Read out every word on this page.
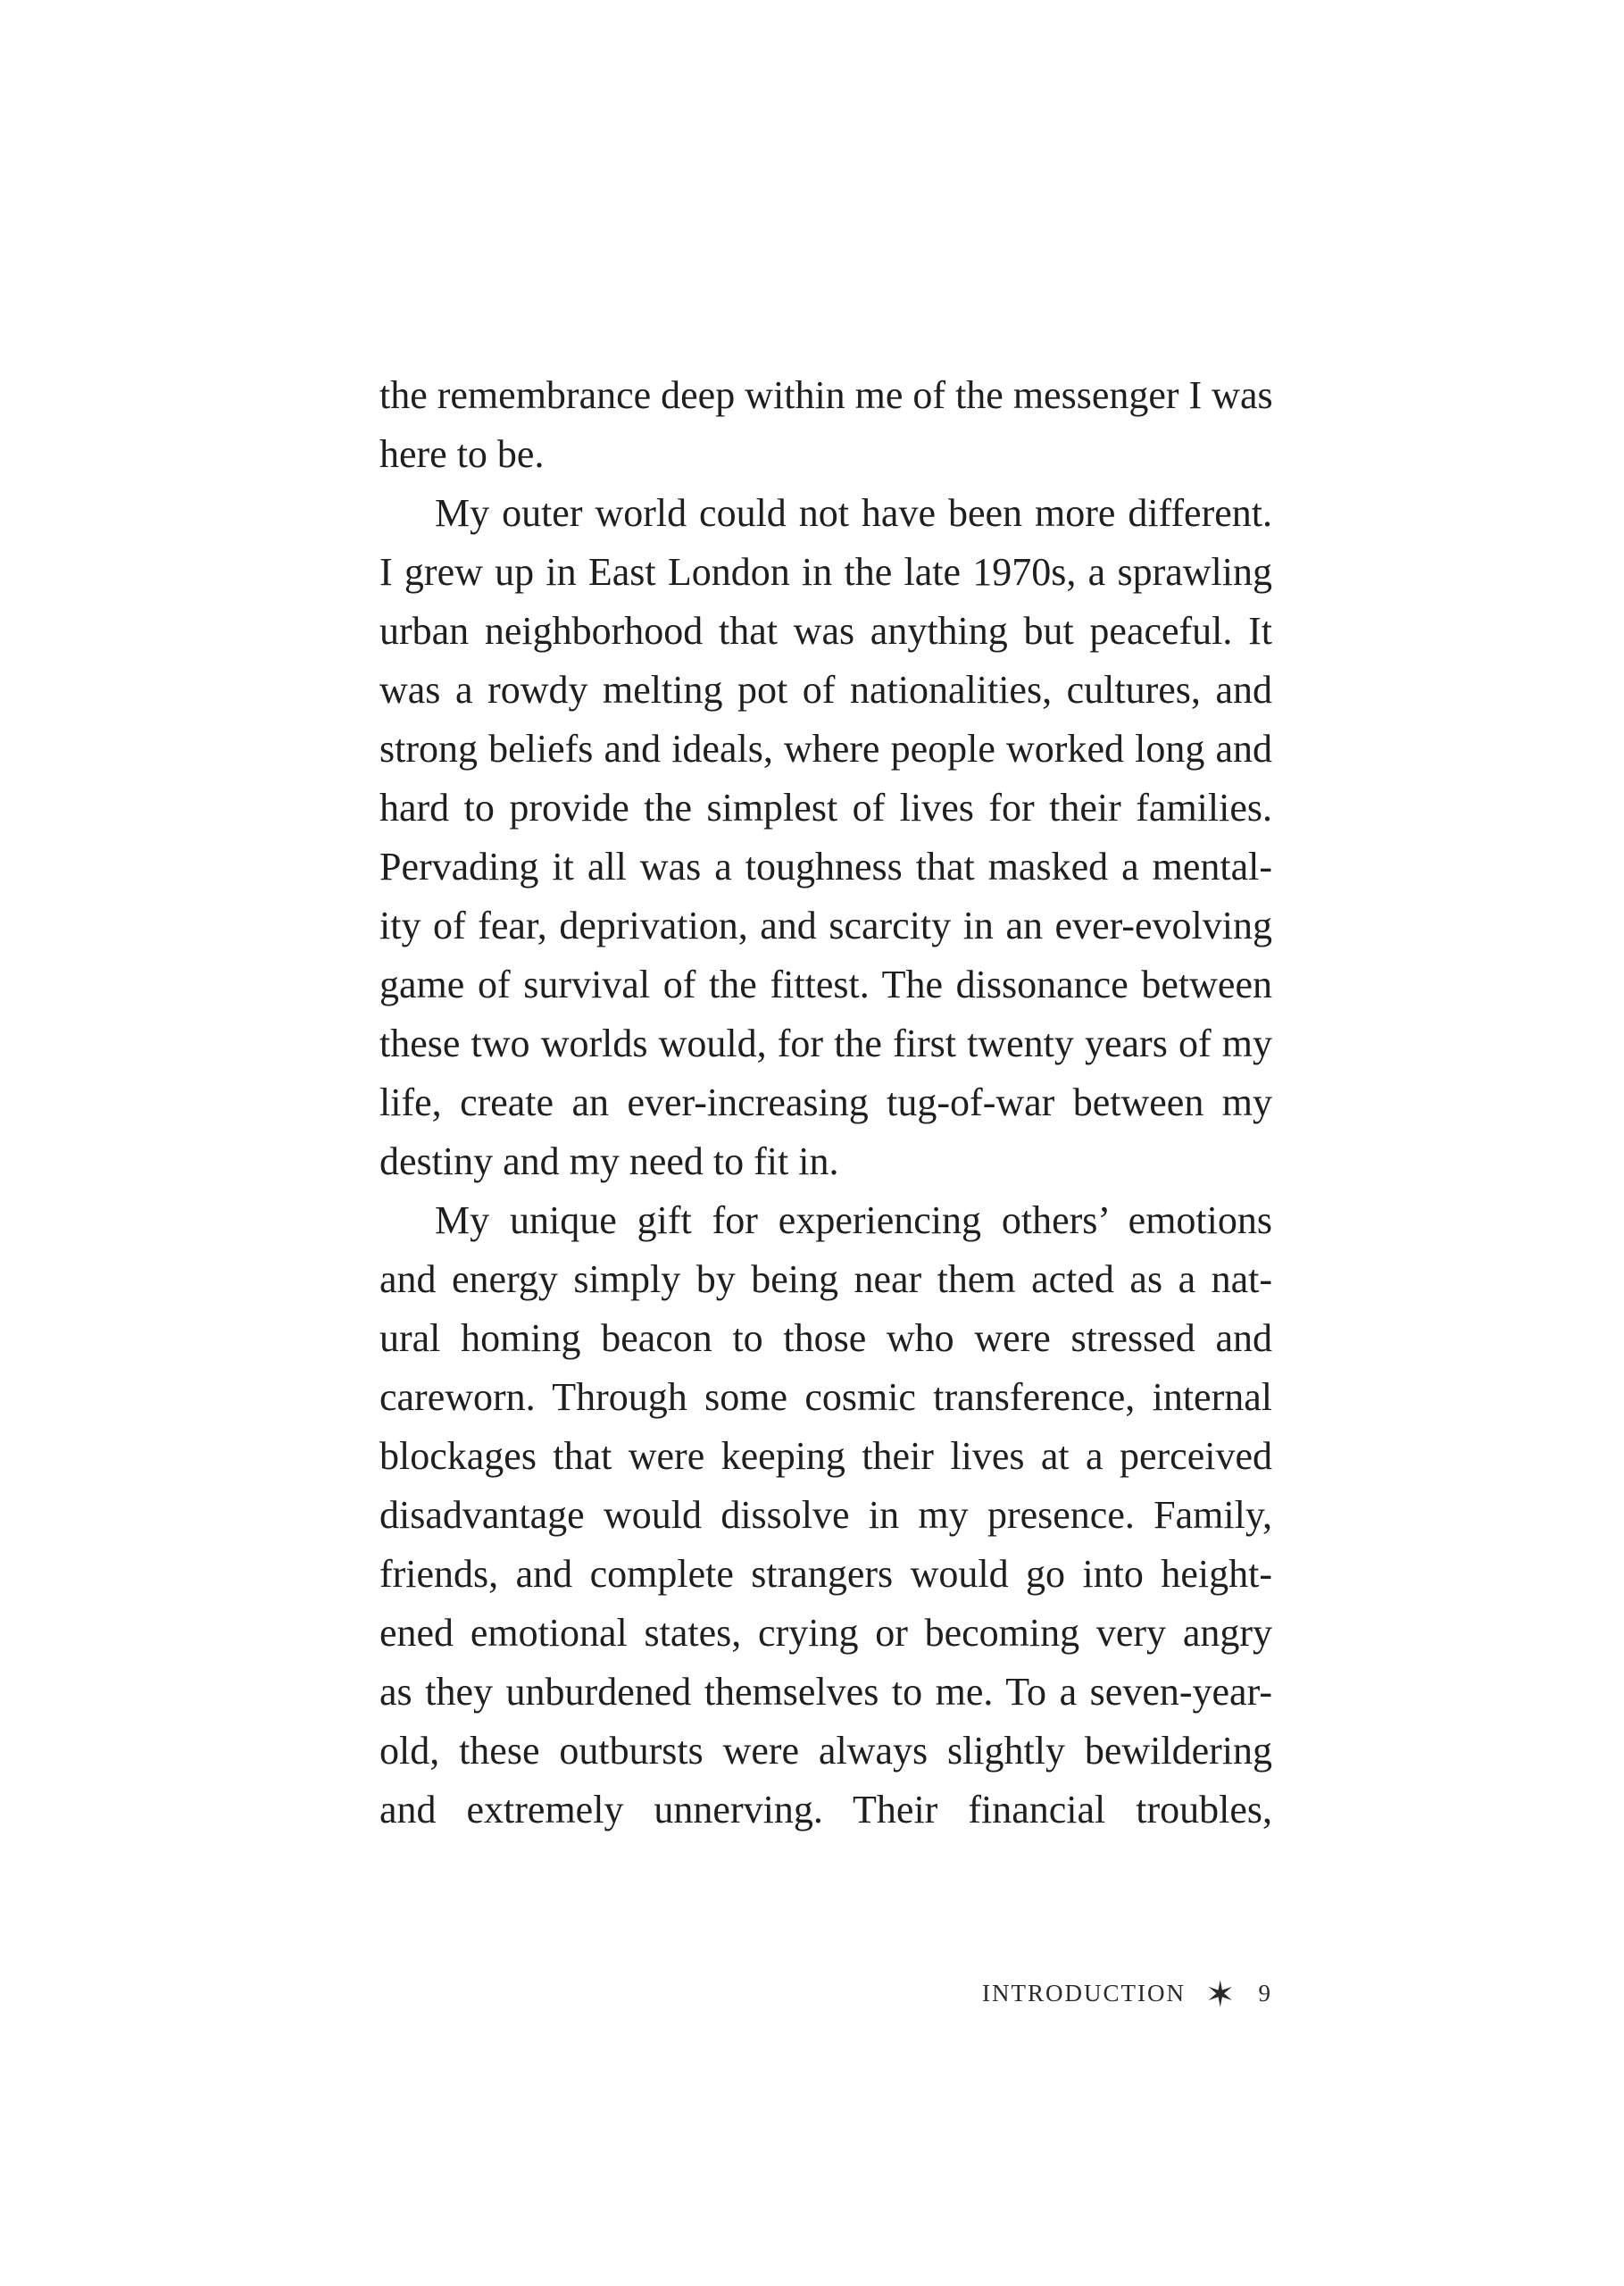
the remembrance deep within me of the messenger I was
here to be.
My outer world could not have been more different.
I grew up in East London in the late 1970s, a sprawling
urban neighborhood that was anything but peaceful. It
was a rowdy melting pot of nationalities, cultures, and
strong beliefs and ideals, where people worked long and
hard to provide the simplest of lives for their families.
Pervading it all was a toughness that masked a mental-
ity of fear, deprivation, and scarcity in an ever-evolving
game of survival of the fittest. The dissonance between
these two worlds would, for the first twenty years of my
life, create an ever-increasing tug-of-war between my
destiny and my need to fit in.
My unique gift for experiencing others’ emotions
and energy simply by being near them acted as a nat-
ural homing beacon to those who were stressed and
careworn. Through some cosmic transference, internal
blockages that were keeping their lives at a perceived
disadvantage would dissolve in my presence. Family,
friends, and complete strangers would go into height-
ened emotional states, crying or becoming very angry
as they unburdened themselves to me. To a seven-year-
old, these outbursts were always slightly bewildering
and extremely unnerving. Their financial troubles,
INTRODUCTION ✶ 9
